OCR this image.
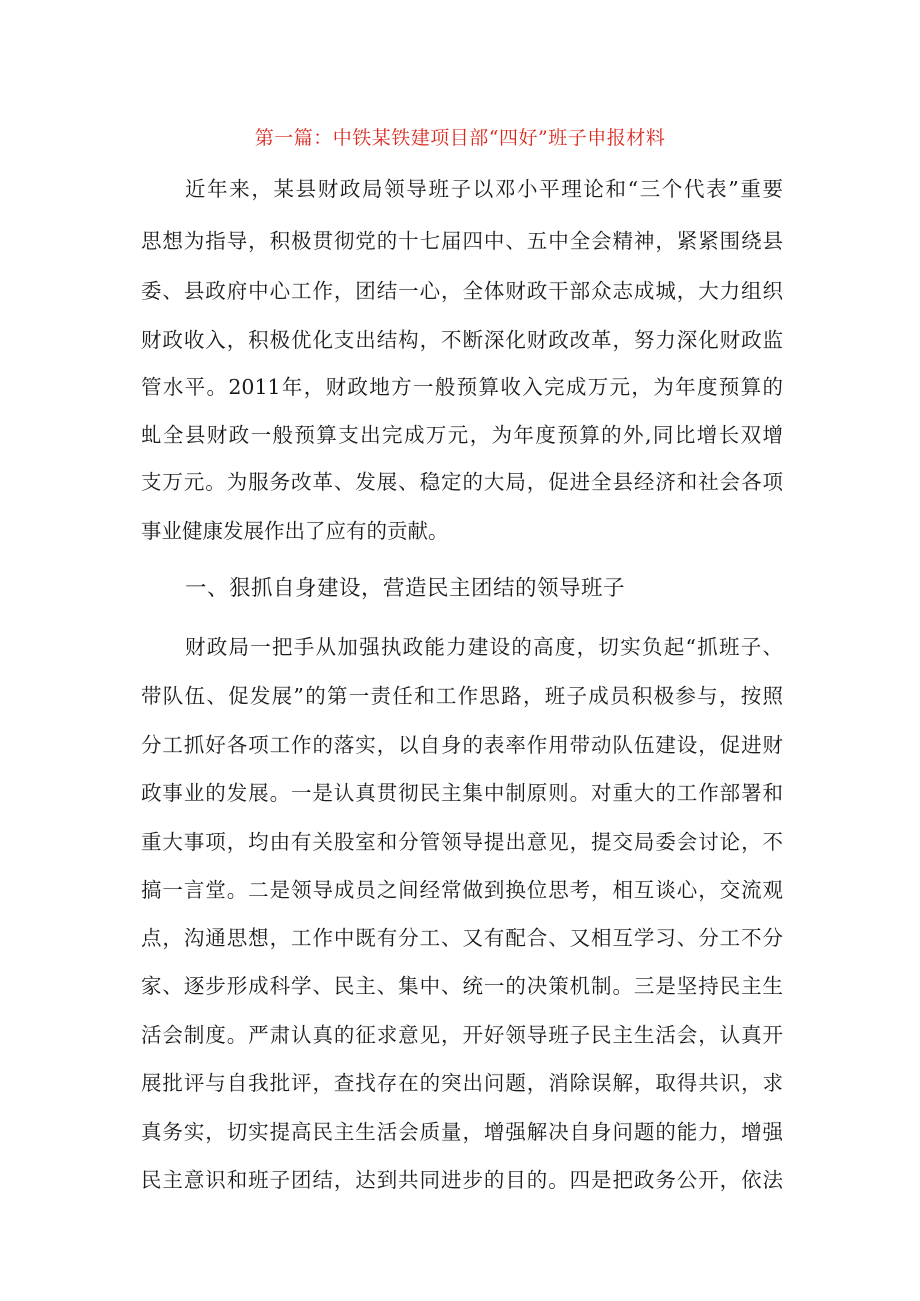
第一篇：中铁某铁建项目部“四好”班子申报材料
近年来，某县财政局领导班子以邓小平理论和“三个代表”重要
思想为指导，积极贯彻党的十七届四中、五中全会精神，紧紧围绕县
委、县政府中心工作，团结一心，全体财政干部众志成城，大力组织
财政收入，积极优化支出结构，不断深化财政改革，努力深化财政监
管水平。2011年，财政地方一般预算收入完成万元，为年度预算的
虬全县财政一般预算支出完成万元，为年度预算的外,同比增长双增
支万元。为服务改革、发展、稳定的大局，促进全县经济和社会各项
事业健康发展作出了应有的贡献。
一、狠抓自身建设，营造民主团结的领导班子
财政局一把手从加强执政能力建设的高度，切实负起“抓班子、
带队伍、促发展”的第一责任和工作思路，班子成员积极参与，按照
分工抓好各项工作的落实，以自身的表率作用带动队伍建设，促进财
政事业的发展。一是认真贯彻民主集中制原则。对重大的工作部署和
重大事项，均由有关股室和分管领导提出意见，提交局委会讨论，不
搞一言堂。二是领导成员之间经常做到换位思考，相互谈心，交流观
点，沟通思想，工作中既有分工、又有配合、又相互学习、分工不分
家、逐步形成科学、民主、集中、统一的决策机制。三是坚持民主生
活会制度。严肃认真的征求意见，开好领导班子民主生活会，认真开
展批评与自我批评，查找存在的突出问题，消除误解，取得共识，求
真务实，切实提高民主生活会质量，增强解决自身问题的能力，增强
民主意识和班子团结，达到共同进步的目的。四是把政务公开，依法
